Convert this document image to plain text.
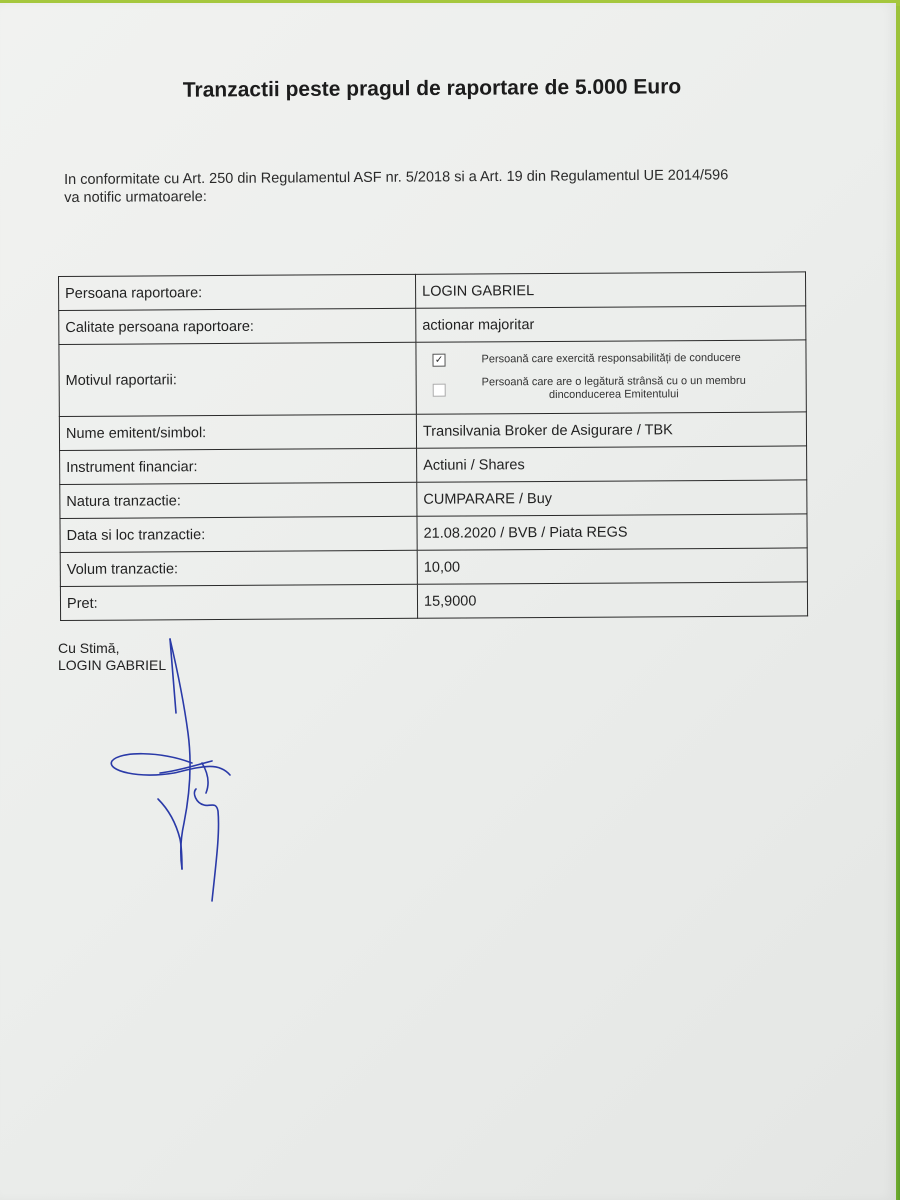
Tranzactii peste pragul de raportare de 5.000 Euro
In conformitate cu Art. 250 din Regulamentul ASF nr. 5/2018 si a Art. 19 din Regulamentul UE 2014/596
va notific urmatoarele:
Persoana raportoare:	LOGIN GABRIEL
Calitate persoana raportoare:	actionar majoritar
Motivul raportarii:	✓ Persoană care exercită responsabilități de conducere
Persoană care are o legătură strânsă cu o un membru
dinconducerea Emitentului

Nume emitent/simbol:	Transilvania Broker de Asigurare / TBK
Instrument financiar:	Actiuni / Shares
Natura tranzactie:	CUMPARARE / Buy
Data si loc tranzactie:	21.08.2020 / BVB / Piata REGS
Volum tranzactie:	10,00
Pret:	15,9000
Cu Stimă,
LOGIN GABRIEL
